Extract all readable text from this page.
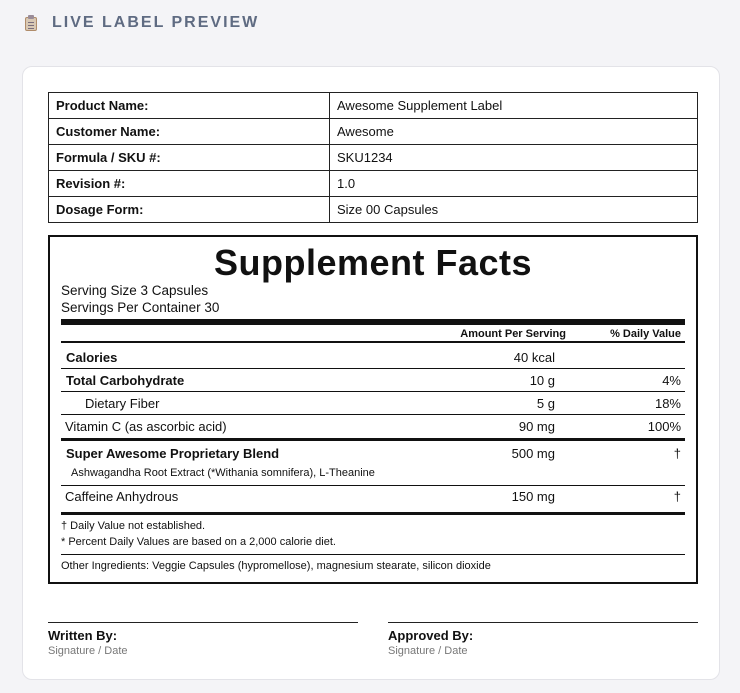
LIVE LABEL PREVIEW
Product Name:	Awesome Supplement Label
Customer Name:	Awesome
Formula / SKU #:	SKU1234
Revision #:	1.0
Dosage Form:	Size 00 Capsules
Supplement Facts
Serving Size 3 Capsules
Servings Per Container 30
Amount Per Serving	% Daily Value
Calories	40 kcal
Total Carbohydrate	10 g	4%
Dietary Fiber	5 g	18%
Vitamin C (as ascorbic acid)	90 mg	100%
Super Awesome Proprietary Blend	500 mg	†
Ashwagandha Root Extract (*Withania somnifera), L-Theanine
Caffeine Anhydrous	150 mg	†
† Daily Value not established.
* Percent Daily Values are based on a 2,000 calorie diet.
Other Ingredients: Veggie Capsules (hypromellose), magnesium stearate, silicon dioxide
Written By:
Signature / Date
Approved By:
Signature / Date
